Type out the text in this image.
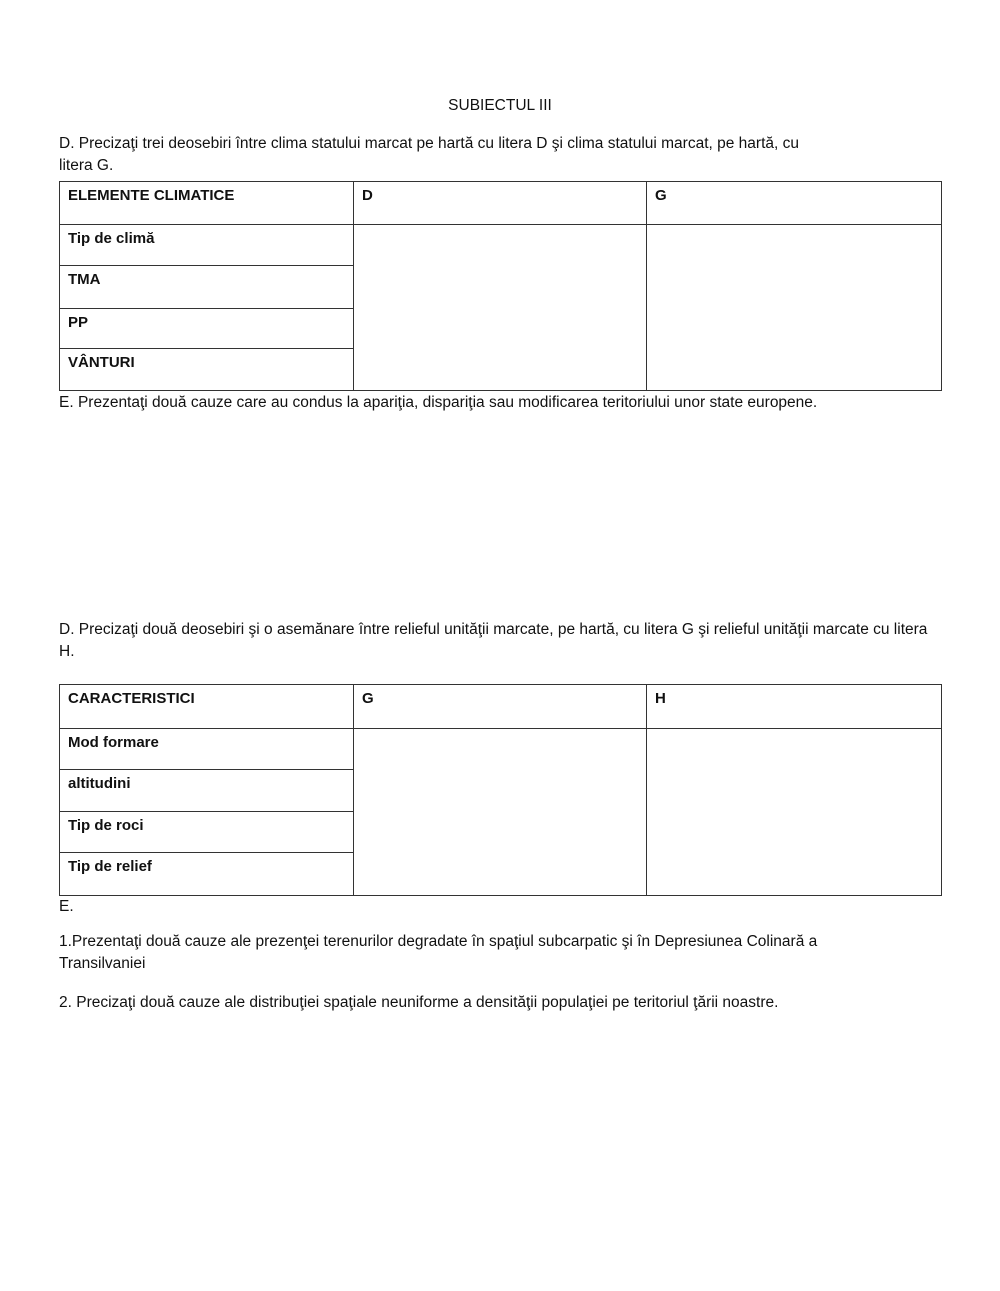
SUBIECTUL III
D. Precizaţi trei deosebiri între clima statului marcat pe hartă cu litera D şi clima statului marcat, pe hartă, cu litera G.
ELEMENTE CLIMATICE	D	G
Tip de climă		
TMA		
PP		
VÂNTURI		
E. Prezentaţi două cauze care au condus la apariţia, dispariţia sau modificarea teritoriului unor state europene.
D. Precizaţi două deosebiri şi o asemănare între relieful unităţii marcate, pe hartă, cu litera G şi relieful unităţii marcate cu litera H.
CARACTERISTICI	G	H
Mod formare		
altitudini		
Tip de roci		
Tip de relief		
E.
1.Prezentaţi două cauze ale prezenţei terenurilor degradate în spaţiul subcarpatic şi în Depresiunea Colinară a Transilvaniei
2. Precizaţi două cauze ale distribuţiei spaţiale neuniforme a densităţii populaţiei pe teritoriul ţării noastre.
